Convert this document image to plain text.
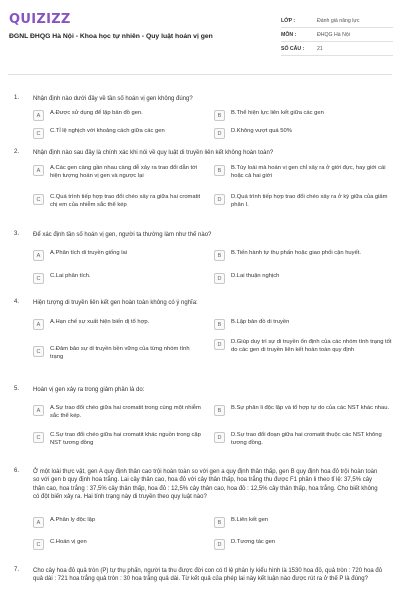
QUIZIZZ
ĐGNL ĐHQG Hà Nội - Khoa học tự nhiên - Quy luật hoán vị gen
LỚP :	Đánh giá năng lực
MÔN :	ĐHQG Hà Nội
SỐ CÂU :	21
1. Nhận định nào dưới đây về tần số hoán vị gen không đúng?
A	A.Được sử dụng để lập bản đồ gen.	B	B.Thể hiện lực liên kết giữa các gen
C	C.Tỉ lệ nghịch với khoảng cách giữa các gen	D	D.Không vượt quá 50%
2. Nhận định nào sau đây là chính xác khi nói về quy luật di truyền liên kết không hoàn toàn?
A	A.Các gen càng gần nhau càng dễ xảy ra trao đổi dẫn tới hiện tượng hoán vị gen và ngược lại
B	B.Tùy loài mà hoán vị gen chỉ xảy ra ở giới đực, hay giới cái hoặc cả hai giới
C	C.Quá trình tiếp hợp trao đổi chéo xảy ra giữa hai cromatit chị em của nhiễm sắc thể kép
D	D.Quá trình tiếp hợp trao đổi chéo xảy ra ở kỳ giữa của giảm phân I.
3. Để xác định tần số hoán vị gen, người ta thường làm như thế nào?
A	A.Phân tích di truyền giống lai	B	B.Tiến hành tự thụ phấn hoặc giao phối cận huyết.
C	C.Lai phân tích.	D	D.Lai thuận nghịch
4. Hiện tượng di truyền liên kết gen hoàn toàn không có ý nghĩa:
A	A.Hạn chế sự xuất hiện biến dị tổ hợp.	B	B.Lập bản đồ di truyền
C	C.Đảm bảo sự di truyền bền vững của từng nhóm tính trạng
D	D.Giúp duy trì sự di truyền ổn định của các nhóm tính trạng tốt do các gen di truyền liên kết hoàn toàn quy định
5. Hoán vị gen xảy ra trong giảm phân là do:
A	A.Sự trao đổi chéo giữa hai cromatit trong cùng một nhiễm sắc thể kép.
B	B.Sự phân li độc lập và tổ hợp tự do của các NST khác nhau.
C	C.Sự trao đổi chéo giữa hai cromatit khác nguồn trong cặp NST tương đồng
D	D.Sự trao đổi đoạn giữa hai cromatit thuộc các NST không tương đồng.
6. Ở một loài thực vật, gen A quy định thân cao trội hoàn toàn so với gen a quy định thân thấp, gen B quy định hoa đỏ trội hoàn toàn so với gen b quy định hoa trắng. Lai cây thân cao, hoa đỏ với cây thân thấp, hoa trắng thu được F1 phân li theo tỉ lệ: 37,5% cây thân cao, hoa trắng : 37,5% cây thân thấp, hoa đỏ : 12,5% cây thân cao, hoa đỏ : 12,5% cây thân thấp, hoa trắng. Cho biết không có đột biến xảy ra. Hai tính trạng này di truyền theo quy luật nào?
A	A.Phân ly độc lập	B	B.Liên kết gen
C	C.Hoán vị gen	D	D.Tương tác gen
7. Cho cây hoa đỏ quả tròn (P) tự thụ phấn, người ta thu được đời con có tỉ lệ phân ly kiểu hình là 1530 hoa đỏ, quả tròn : 720 hoa đỏ quả dài : 721 hoa trắng quả tròn : 30 hoa trắng quả dài. Từ kết quả của phép lai này kết luận nào được rút ra ở thế P là đúng?
